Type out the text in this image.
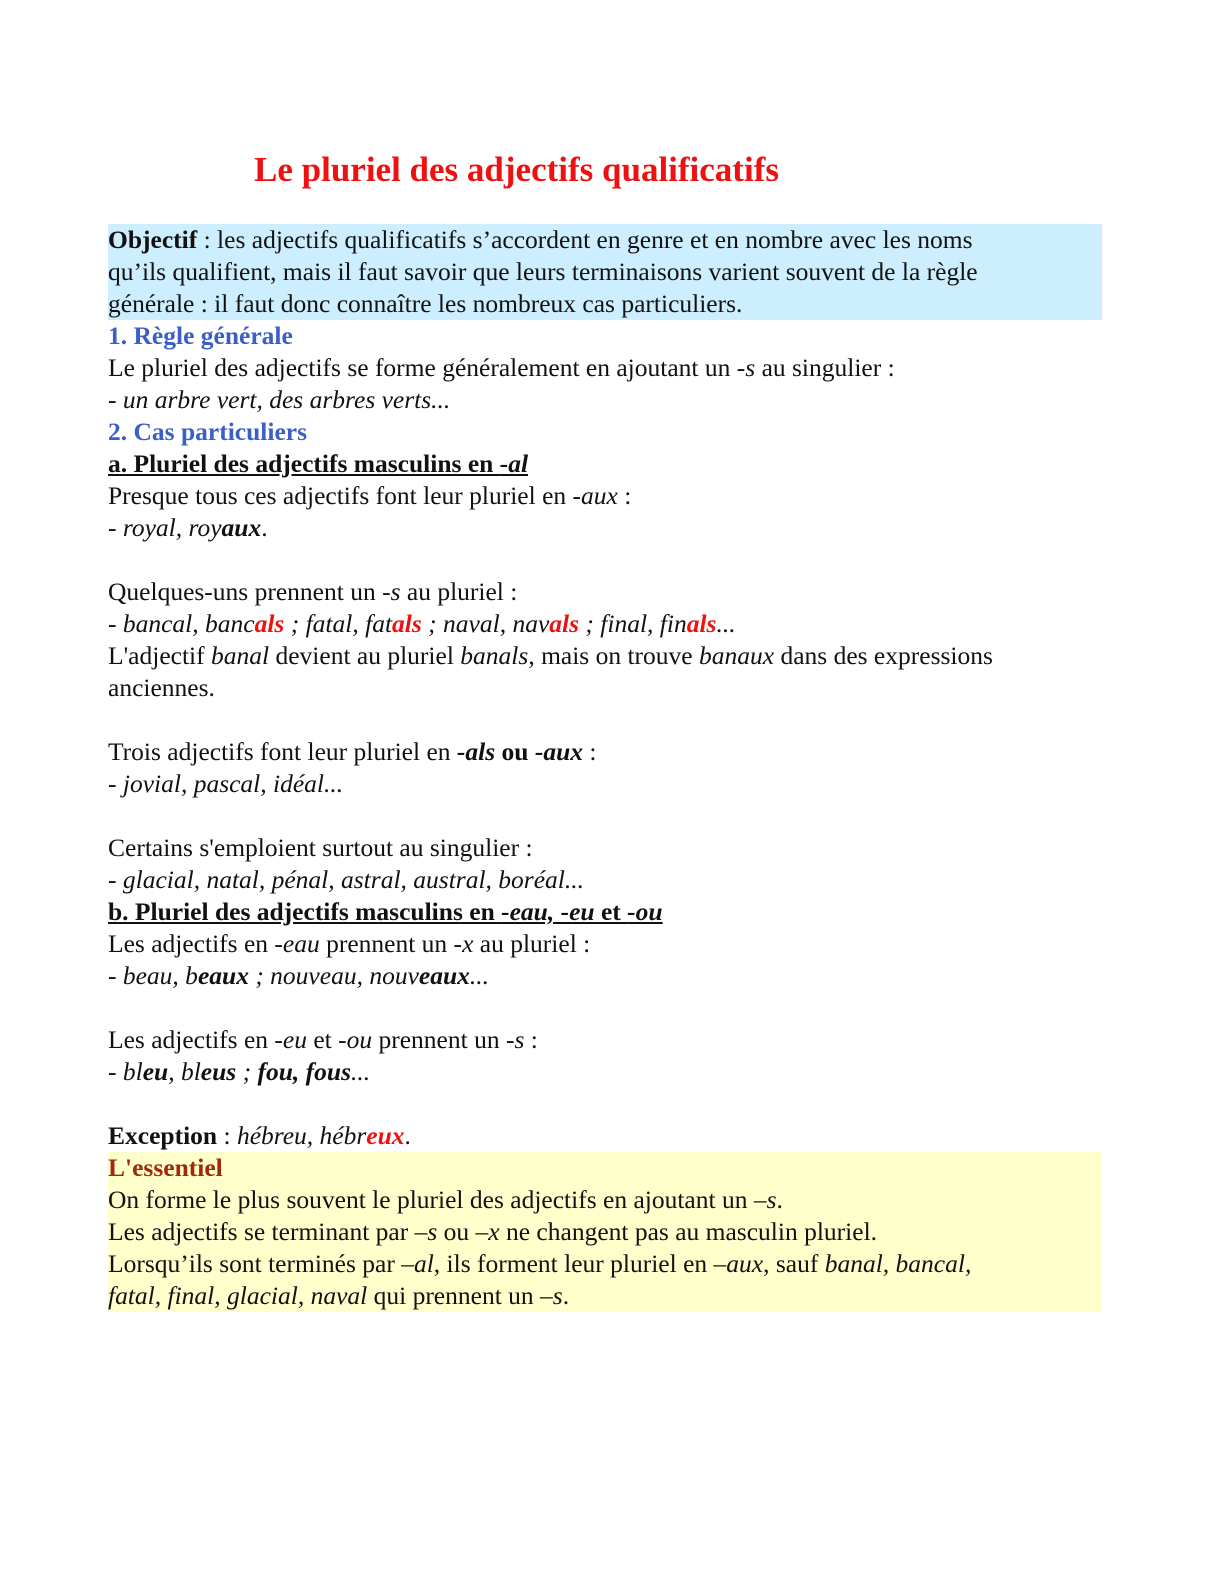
Le pluriel des adjectifs qualificatifs
Objectif : les adjectifs qualificatifs s’accordent en genre et en nombre avec les noms
qu’ils qualifient, mais il faut savoir que leurs terminaisons varient souvent de la règle
générale : il faut donc connaître les nombreux cas particuliers.
1. Règle générale
Le pluriel des adjectifs se forme généralement en ajoutant un -s au singulier :
- un arbre vert, des arbres verts...
2. Cas particuliers
a. Pluriel des adjectifs masculins en -al
Presque tous ces adjectifs font leur pluriel en -aux :
- royal, royaux.
Quelques-uns prennent un -s au pluriel :
- bancal, bancals ; fatal, fatals ; naval, navals ; final, finals...
L'adjectif banal devient au pluriel banals, mais on trouve banaux dans des expressions
anciennes.
Trois adjectifs font leur pluriel en -als ou -aux :
- jovial, pascal, idéal...
Certains s'emploient surtout au singulier :
- glacial, natal, pénal, astral, austral, boréal...
b. Pluriel des adjectifs masculins en -eau, -eu et -ou
Les adjectifs en -eau prennent un -x au pluriel :
- beau, beaux ; nouveau, nouveaux...
Les adjectifs en -eu et -ou prennent un -s :
- bleu, bleus ; fou, fous...
Exception : hébreu, hébreux.
L'essentiel
On forme le plus souvent le pluriel des adjectifs en ajoutant un –s.
Les adjectifs se terminant par –s ou –x ne changent pas au masculin pluriel.
Lorsqu’ils sont terminés par –al, ils forment leur pluriel en –aux, sauf banal, bancal,
fatal, final, glacial, naval qui prennent un –s.
